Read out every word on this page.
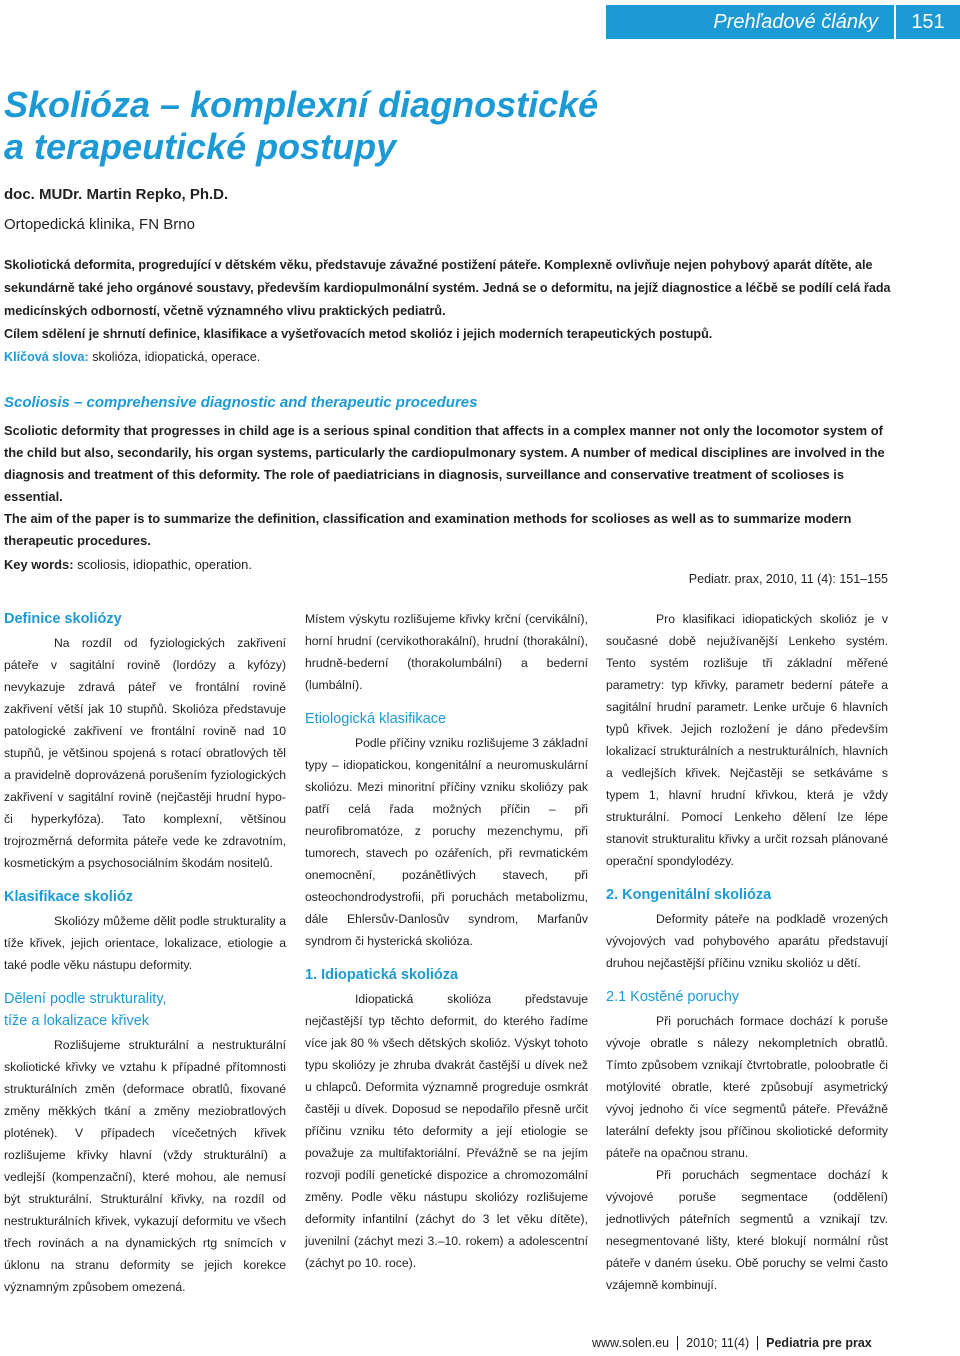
Prehľadové články	151
Skolióza – komplexní diagnostické
a terapeutické postupy
doc. MUDr. Martin Repko, Ph.D.
Ortopedická klinika, FN Brno

Skoliotická deformita, progredující v dětském věku, představuje závažné postižení páteře. Komplexně ovlivňuje nejen pohybový aparát dítěte, ale sekundárně také jeho orgánové soustavy, především kardiopulmonální systém. Jedná se o deformitu, na jejíž diagnostice a léčbě se podílí celá řada medicínských odborností, včetně významného vlivu praktických pediatrů.

Cílem sdělení je shrnutí definice, klasifikace a vyšetřovacích metod skolióz i jejich moderních terapeutických postupů.

Klíčová slova: skolióza, idiopatická, operace.

Scoliosis – comprehensive diagnostic and therapeutic procedures

Scoliotic deformity that progresses in child age is a serious spinal condition that affects in a complex manner not only the locomotor system of the child but also, secondarily, his organ systems, particularly the cardiopulmonary system. A number of medical disciplines are involved in the diagnosis and treatment of this deformity. The role of paediatricians in diagnosis, surveillance and conservative treatment of scolioses is essential.

The aim of the paper is to summarize the definition, classification and examination methods for scolioses as well as to summarize modern therapeutic procedures.

Key words: scoliosis, idiopathic, operation.
Pediatr. prax, 2010, 11 (4): 151–155
Definice skoliózy

Na rozdíl od fyziologických zakřivení páteře v sagitální rovině (lordózy a kyfózy) nevykazuje zdravá páteř ve frontální rovině zakřivení větší jak 10 stupňů. Skolióza představuje patologické zakřivení ve frontální rovině nad 10 stupňů, je většinou spojená s rotací obratlových těl a pravidelně doprovázená porušením fyziologických zakřivení v sagitální rovině (nejčastěji hrudní hypo- či hyperkyfóza). Tato komplexní, většinou trojrozměrná deformita páteře vede ke zdravotním, kosmetickým a psychosociálním škodám nositelů.

Klasifikace skolióz

Skoliózy můžeme dělit podle strukturality a tíže křivek, jejich orientace, lokalizace, etiologie a také podle věku nástupu deformity.

Dělení podle strukturality,
tíže a lokalizace křivek

Rozlišujeme strukturální a nestrukturální skoliotické křivky ve vztahu k případné přítomnosti strukturálních změn (deformace obratlů, fixované změny měkkých tkání a změny meziobratlových plotének). V případech vícečetných křivek rozlišujeme křivky hlavní (vždy strukturální) a vedlejší (kompenzační), které mohou, ale nemusí být strukturální. Strukturální křivky, na rozdíl od nestrukturálních křivek, vykazují deformitu ve všech třech rovinách a na dynamických rtg snímcích v úklonu na stranu deformity se jejich korekce významným způsobem omezená.

Místem výskytu rozlišujeme křivky krční (cervikální), horní hrudní (cervikothorakální), hrudní (thorakální), hrudně-bederní (thorakolumbální) a bederní (lumbální).

Etiologická klasifikace

Podle příčiny vzniku rozlišujeme 3 základní typy – idiopatickou, kongenitální a neuromuskulární skoliózu. Mezi minoritní příčiny vzniku skoliózy pak patří celá řada možných příčin – při neurofibromatóze, z poruchy mezenchymu, při tumorech, stavech po ozářeních, při revmatickém onemocnění, pozánětlivých stavech, při osteochondrodystrofii, při poruchách metabolizmu, dále Ehlersův-Danlosův syndrom, Marfanův syndrom či hysterická skolióza.

1. Idiopatická skolióza

Idiopatická skolióza představuje nejčastější typ těchto deformit, do kterého řadíme více jak 80 % všech dětských skolióz. Výskyt tohoto typu skoliózy je zhruba dvakrát častější u dívek než u chlapců. Deformita významně progreduje osmkrát častěji u dívek. Doposud se nepodařilo přesně určit příčinu vzniku této deformity a její etiologie se považuje za multifaktoriální. Převážně se na jejím rozvoji podílí genetické dispozice a chromozomální změny. Podle věku nástupu skoliózy rozlišujeme deformity infantilní (záchyt do 3 let věku dítěte), juvenilní (záchyt mezi 3.–10. rokem) a adolescentní (záchyt po 10. roce).

Pro klasifikaci idiopatických skolióz je v současné době nejužívanější Lenkeho systém. Tento systém rozlišuje tři základní měřené parametry: typ křivky, parametr bederní páteře a sagitální hrudní parametr. Lenke určuje 6 hlavních typů křivek. Jejich rozložení je dáno především lokalizací strukturálních a nestrukturálních, hlavních a vedlejších křivek. Nejčastěji se setkáváme s typem 1, hlavní hrudní křivkou, která je vždy strukturální. Pomocí Lenkeho dělení lze lépe stanovit strukturalitu křivky a určit rozsah plánované operační spondylodézy.

2. Kongenitální skolióza

Deformity páteře na podkladě vrozených vývojových vad pohybového aparátu představují druhou nejčastější příčinu vzniku skolióz u dětí.

2.1 Kostěné poruchy

Při poruchách formace dochází k poruše vývoje obratle s nálezy nekompletních obratlů. Tímto způsobem vznikají čtvrtobratle, poloobratle či motýlovité obratle, které způsobují asymetrický vývoj jednoho či více segmentů páteře. Převážně laterální defekty jsou příčinou skoliotické deformity páteře na opačnou stranu.

Při poruchách segmentace dochází k vývojové poruše segmentace (oddělení) jednotlivých páteřních segmentů a vznikají tzv. nesegmentované lišty, které blokují normální růst páteře v daném úseku. Obě poruchy se velmi často vzájemně kombinují.

www.solen.eu 2010; 11(4) Pediatria pre prax
